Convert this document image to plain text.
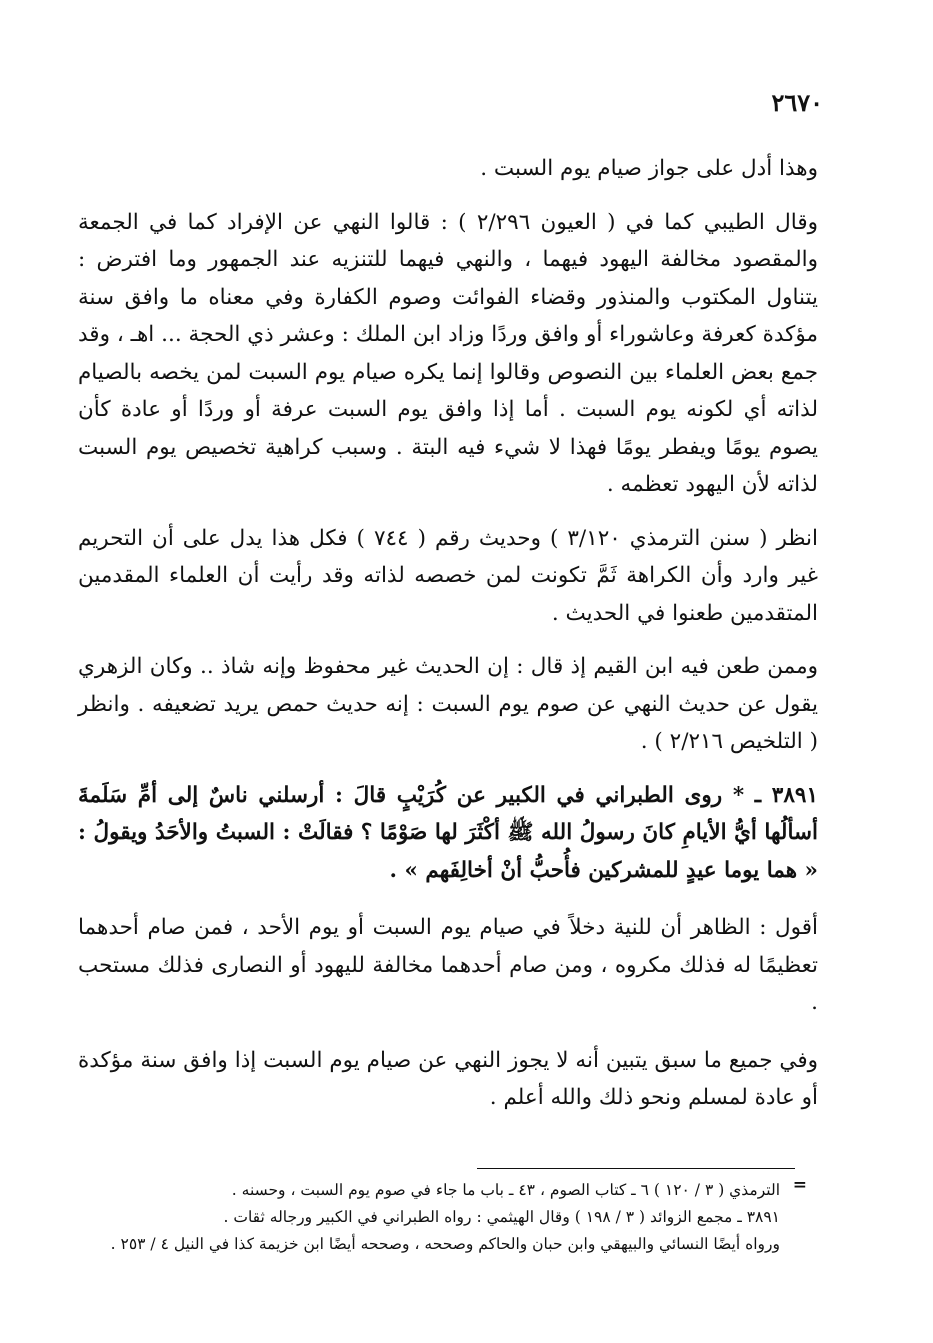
٢٦٧٠

وهذا أدل على جواز صيام يوم السبت .

وقال الطيبي كما في ( العيون ٢/٢٩٦ ) : قالوا النهي عن الإفراد كما في الجمعة والمقصود مخالفة اليهود فيهما ، والنهي فيهما للتنزيه عند الجمهور وما افترض : يتناول المكتوب والمنذور وقضاء الفوائت وصوم الكفارة وفي معناه ما وافق سنة مؤكدة كعرفة وعاشوراء أو وافق وردًا وزاد ابن الملك : وعشر ذي الحجة ... اهـ ، وقد جمع بعض العلماء بين النصوص وقالوا إنما يكره صيام يوم السبت لمن يخصه بالصيام لذاته أي لكونه يوم السبت . أما إذا وافق يوم السبت عرفة أو وردًا أو عادة كأن يصوم يومًا ويفطر يومًا فهذا لا شيء فيه البتة . وسبب كراهية تخصيص يوم السبت لذاته لأن اليهود تعظمه .

انظر ( سنن الترمذي ٣/١٢٠ ) وحديث رقم ( ٧٤٤ ) فكل هذا يدل على أن التحريم غير وارد وأن الكراهة ثَمَّ تكونت لمن خصصه لذاته وقد رأيت أن العلماء المقدمين المتقدمين طعنوا في الحديث .

وممن طعن فيه ابن القيم إذ قال : إن الحديث غير محفوظ وإنه شاذ .. وكان الزهري يقول عن حديث النهي عن صوم يوم السبت : إنه حديث حمص يريد تضعيفه . وانظر ( التلخيص ٢/٢١٦ ) .

٣٨٩١ ـ * روى الطبراني في الكبير عن كُرَيْبٍ قالَ : أرسلني ناسٌ إلى أمِّ سَلَمةَ أسألُها أيُّ الأيامِ كانَ رسولُ الله ﷺ أكْثَرَ لها صَوْمًا ؟ فقالَتْ : السبتُ والأحَدُ ويقولُ : « هما يوما عيدٍ للمشركين فأُحبُّ أنْ أخالِفَهم » .

أقول : الظاهر أن للنية دخلاً في صيام يوم السبت أو يوم الأحد ، فمن صام أحدهما تعظيمًا له فذلك مكروه ، ومن صام أحدهما مخالفة لليهود أو النصارى فذلك مستحب .

وفي جميع ما سبق يتبين أنه لا يجوز النهي عن صيام يوم السبت إذا وافق سنة مؤكدة أو عادة لمسلم ونحو ذلك والله أعلم .

=

الترمذي ( ٣ / ١٢٠ ) ٦ ـ كتاب الصوم ، ٤٣ ـ باب ما جاء في صوم يوم السبت ، وحسنه .

٣٨٩١ ـ مجمع الزوائد ( ٣ / ١٩٨ ) وقال الهيثمي : رواه الطبراني في الكبير ورجاله ثقات .

ورواه أيضًا النسائي والبيهقي وابن حبان والحاكم وصححه ، وصححه أيضًا ابن خزيمة كذا في النيل ٤ / ٢٥٣ .
